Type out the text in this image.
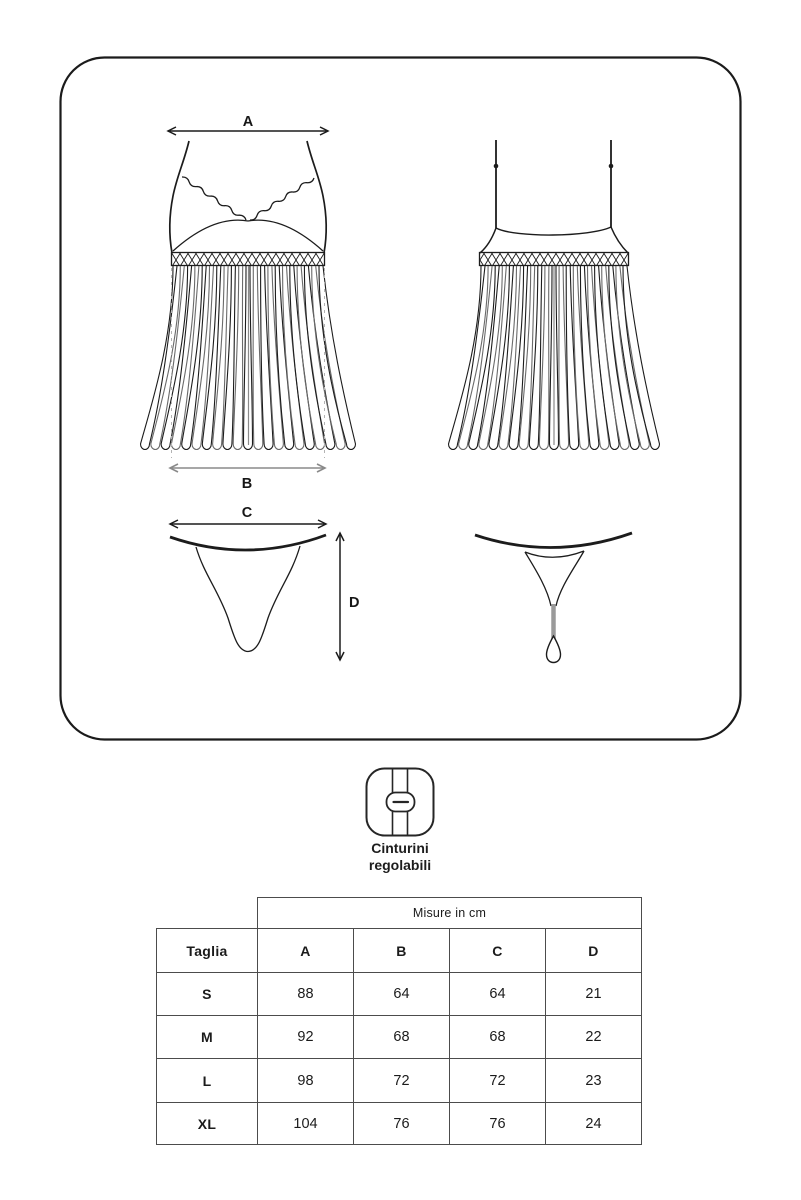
A
B
C
D
Cinturini
regolabili
	Misure in cm			
Taglia	A	B	C	D
S	88	64	64	21
M	92	68	68	22
L	98	72	72	23
XL	104	76	76	24
